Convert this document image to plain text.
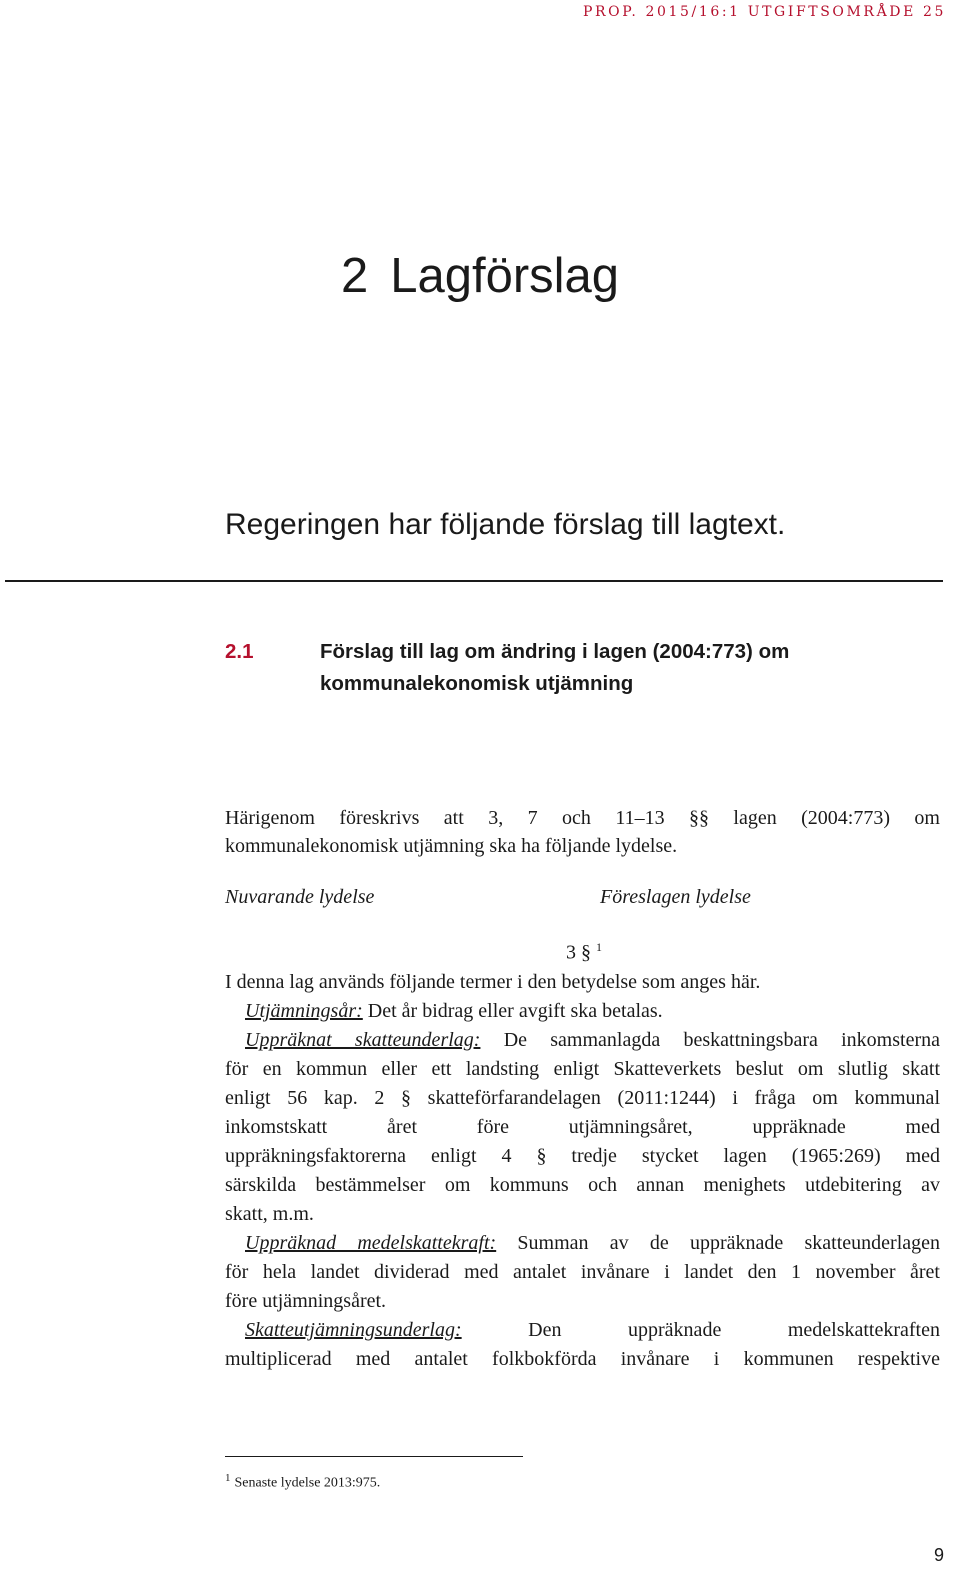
PROP. 2015/16:1 UTGIFTSOMRÅDE 25
2 Lagförslag
Regeringen har följande förslag till lagtext.
2.1	Förslag till lag om ändring i lagen (2004:773) om kommunalekonomisk utjämning
Härigenom föreskrivs att 3, 7 och 11–13 §§ lagen (2004:773) om
kommunalekonomisk utjämning ska ha följande lydelse.
Nuvarande lydelse	Föreslagen lydelse
3 § $^1$
I denna lag används följande termer i den betydelse som anges här.
Utjämningsår: Det år bidrag eller avgift ska betalas.
Uppräknat skatteunderlag: De sammanlagda beskattningsbara inkomsterna
för en kommun eller ett landsting enligt Skatteverkets beslut om slutlig skatt
enligt 56 kap. 2 § skatteförfarandelagen (2011:1244) i fråga om kommunal
inkomstskatt året före utjämningsåret, uppräknade med
uppräkningsfaktorerna enligt 4 § tredje stycket lagen (1965:269) med
särskilda bestämmelser om kommuns och annan menighets utdebitering av
skatt, m.m.
Uppräknad medelskattekraft: Summan av de uppräknade skatteunderlagen
för hela landet dividerad med antalet invånare i landet den 1 november året
före utjämningsåret.
Skatteutjämningsunderlag: Den uppräknade medelskattekraften
multiplicerad med antalet folkbokförda invånare i kommunen respektive
$^1$ Senaste lydelse 2013:975.
9
